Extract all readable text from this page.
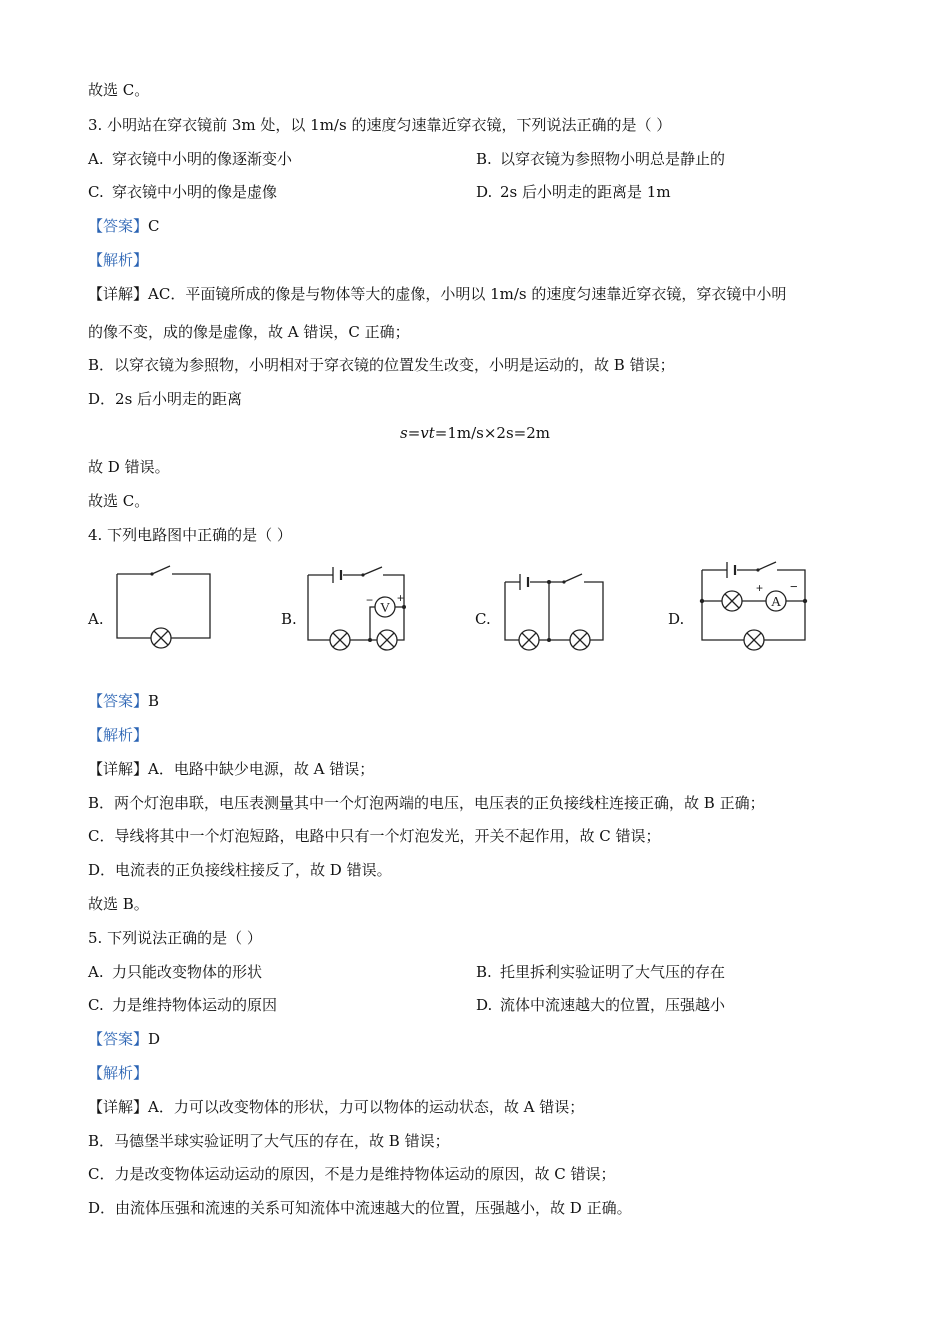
故选 C。
3. 小明站在穿衣镜前 3m 处，以 1m/s 的速度匀速靠近穿衣镜，下列说法正确的是（ ）
A. 穿衣镜中小明的像逐渐变小	B. 以穿衣镜为参照物小明总是静止的
C. 穿衣镜中小明的像是虚像	D. 2s 后小明走的距离是 1m
【答案】C
【解析】
【详解】AC．平面镜所成的像是与物体等大的虚像，小明以 1m/s 的速度匀速靠近穿衣镜，穿衣镜中小明
的像不变，成的像是虚像，故 A 错误，C 正确；
B．以穿衣镜为参照物，小明相对于穿衣镜的位置发生改变，小明是运动的，故 B 错误；
D．2s 后小明走的距离
s=vt=1m/s×2s=2m
故 D 错误。
故选 C。
4. 下列电路图中正确的是（ ）
A.	B.	C.	D.
V
− +	A
+ −
【答案】B
【解析】
【详解】A．电路中缺少电源，故 A 错误；
B．两个灯泡串联，电压表测量其中一个灯泡两端的电压，电压表的正负接线柱连接正确，故 B 正确；
C．导线将其中一个灯泡短路，电路中只有一个灯泡发光，开关不起作用，故 C 错误；
D．电流表的正负接线柱接反了，故 D 错误。
故选 B。
5. 下列说法正确的是（ ）
A. 力只能改变物体的形状	B. 托里拆利实验证明了大气压的存在
C. 力是维持物体运动的原因	D. 流体中流速越大的位置，压强越小
【答案】D
【解析】
【详解】A．力可以改变物体的形状，力可以物体的运动状态，故 A 错误；
B．马德堡半球实验证明了大气压的存在，故 B 错误；
C．力是改变物体运动运动的原因，不是力是维持物体运动的原因，故 C 错误；
D．由流体压强和流速的关系可知流体中流速越大的位置，压强越小，故 D 正确。
